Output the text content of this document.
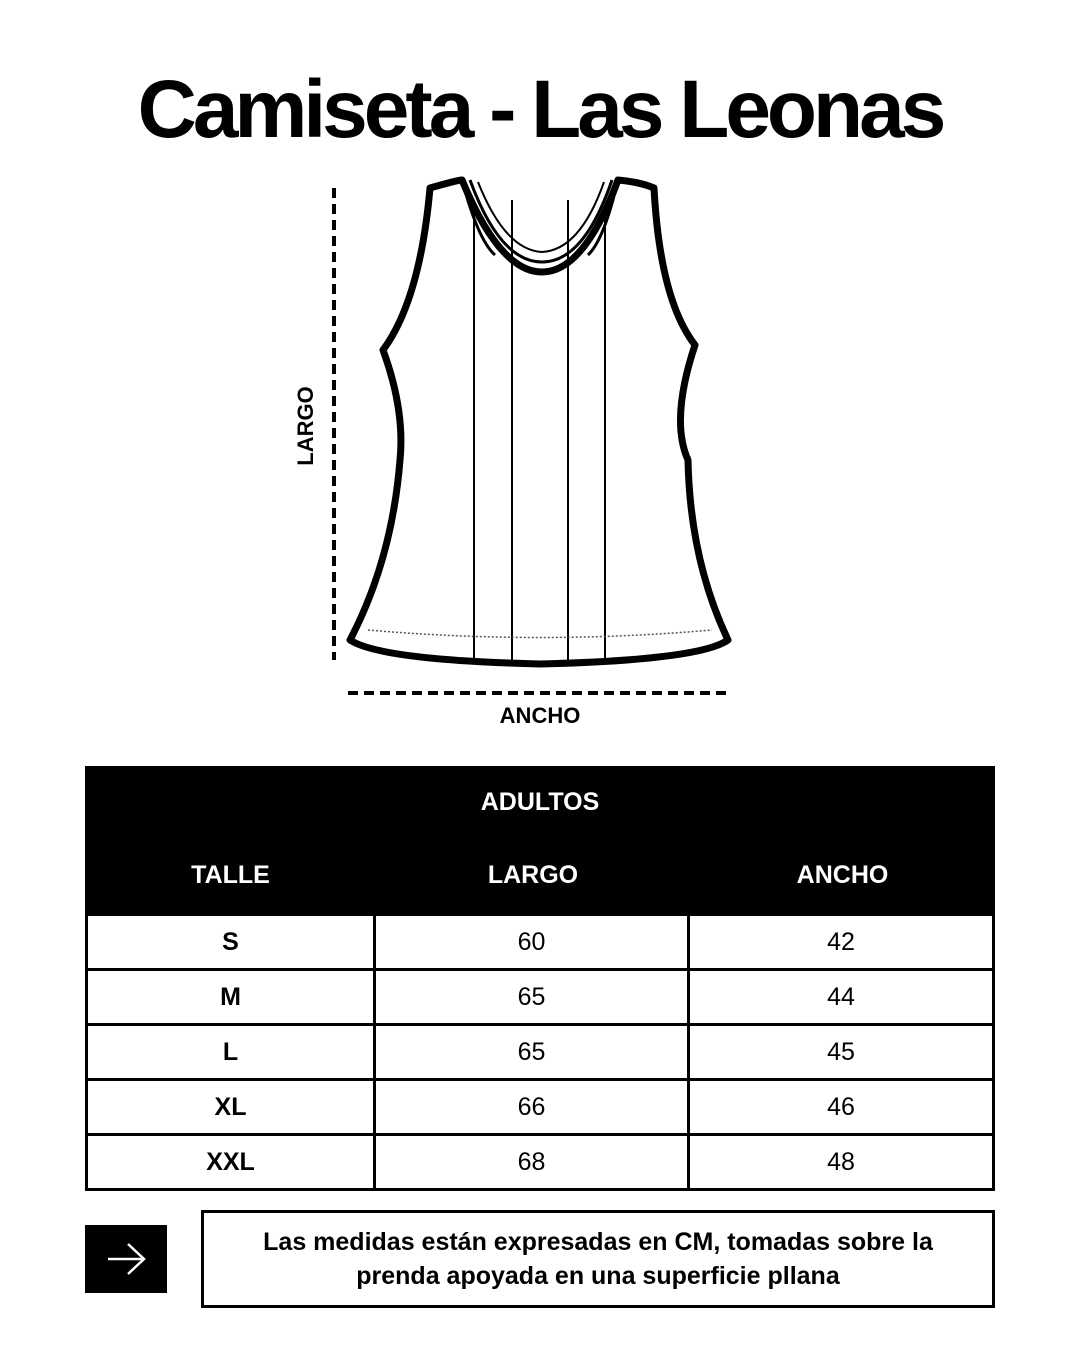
Camiseta - Las Leonas
LARGO
ANCHO
ADULTOS
TALLE	LARGO	ANCHO
S	60	42
M	65	44
L	65	45
XL	66	46
XXL	68	48
Las medidas están expresadas en CM, tomadas sobre la prenda apoyada en una superficie pllana
